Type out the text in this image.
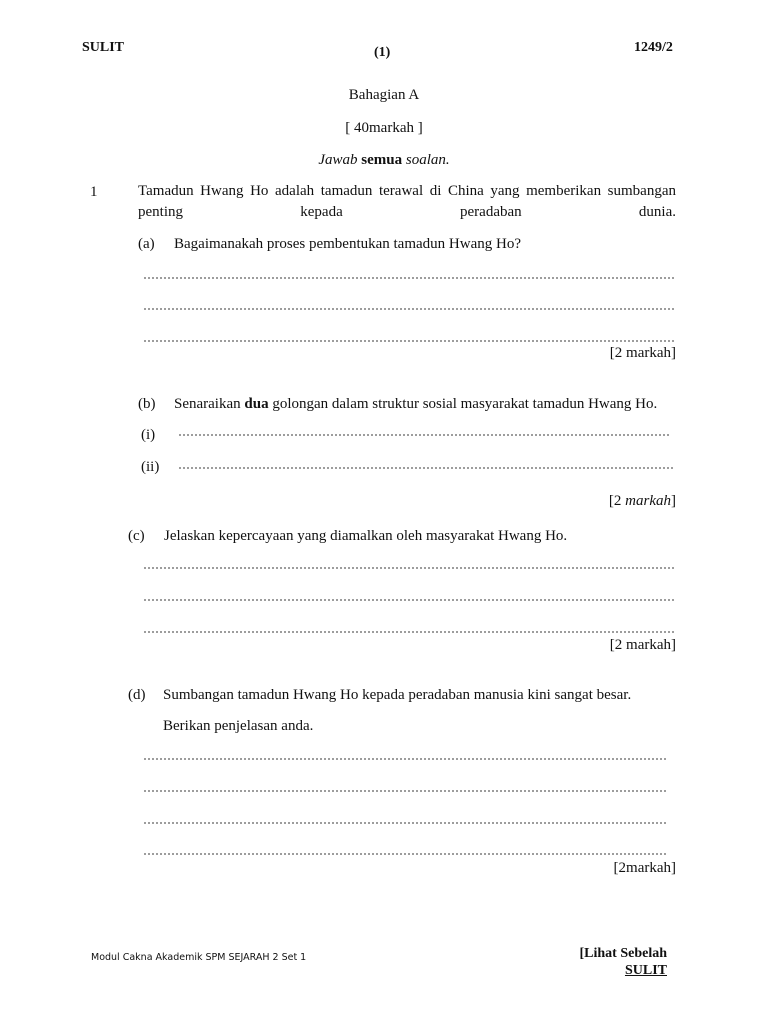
SULIT	(1)	1249/2
Bahagian A
[ 40markah ]
Jawab semua soalan.
1	Tamadun Hwang Ho adalah tamadun terawal di China yang memberikan sumbangan penting kepada peradaban dunia.

(a) Bagaimanakah proses pembentukan tamadun Hwang Ho?
[2 markah]
(b) Senaraikan dua golongan dalam struktur sosial masyarakat tamadun Hwang Ho.
(i)
(ii)
[2 markah]
(c) Jelaskan kepercayaan yang diamalkan oleh masyarakat Hwang Ho.
[2 markah]
(d) Sumbangan tamadun Hwang Ho kepada peradaban manusia kini sangat besar.
Berikan penjelasan anda.
[2markah]
Modul Cakna Akademik SPM SEJARAH 2 Set 1	[Lihat Sebelah
SULIT
